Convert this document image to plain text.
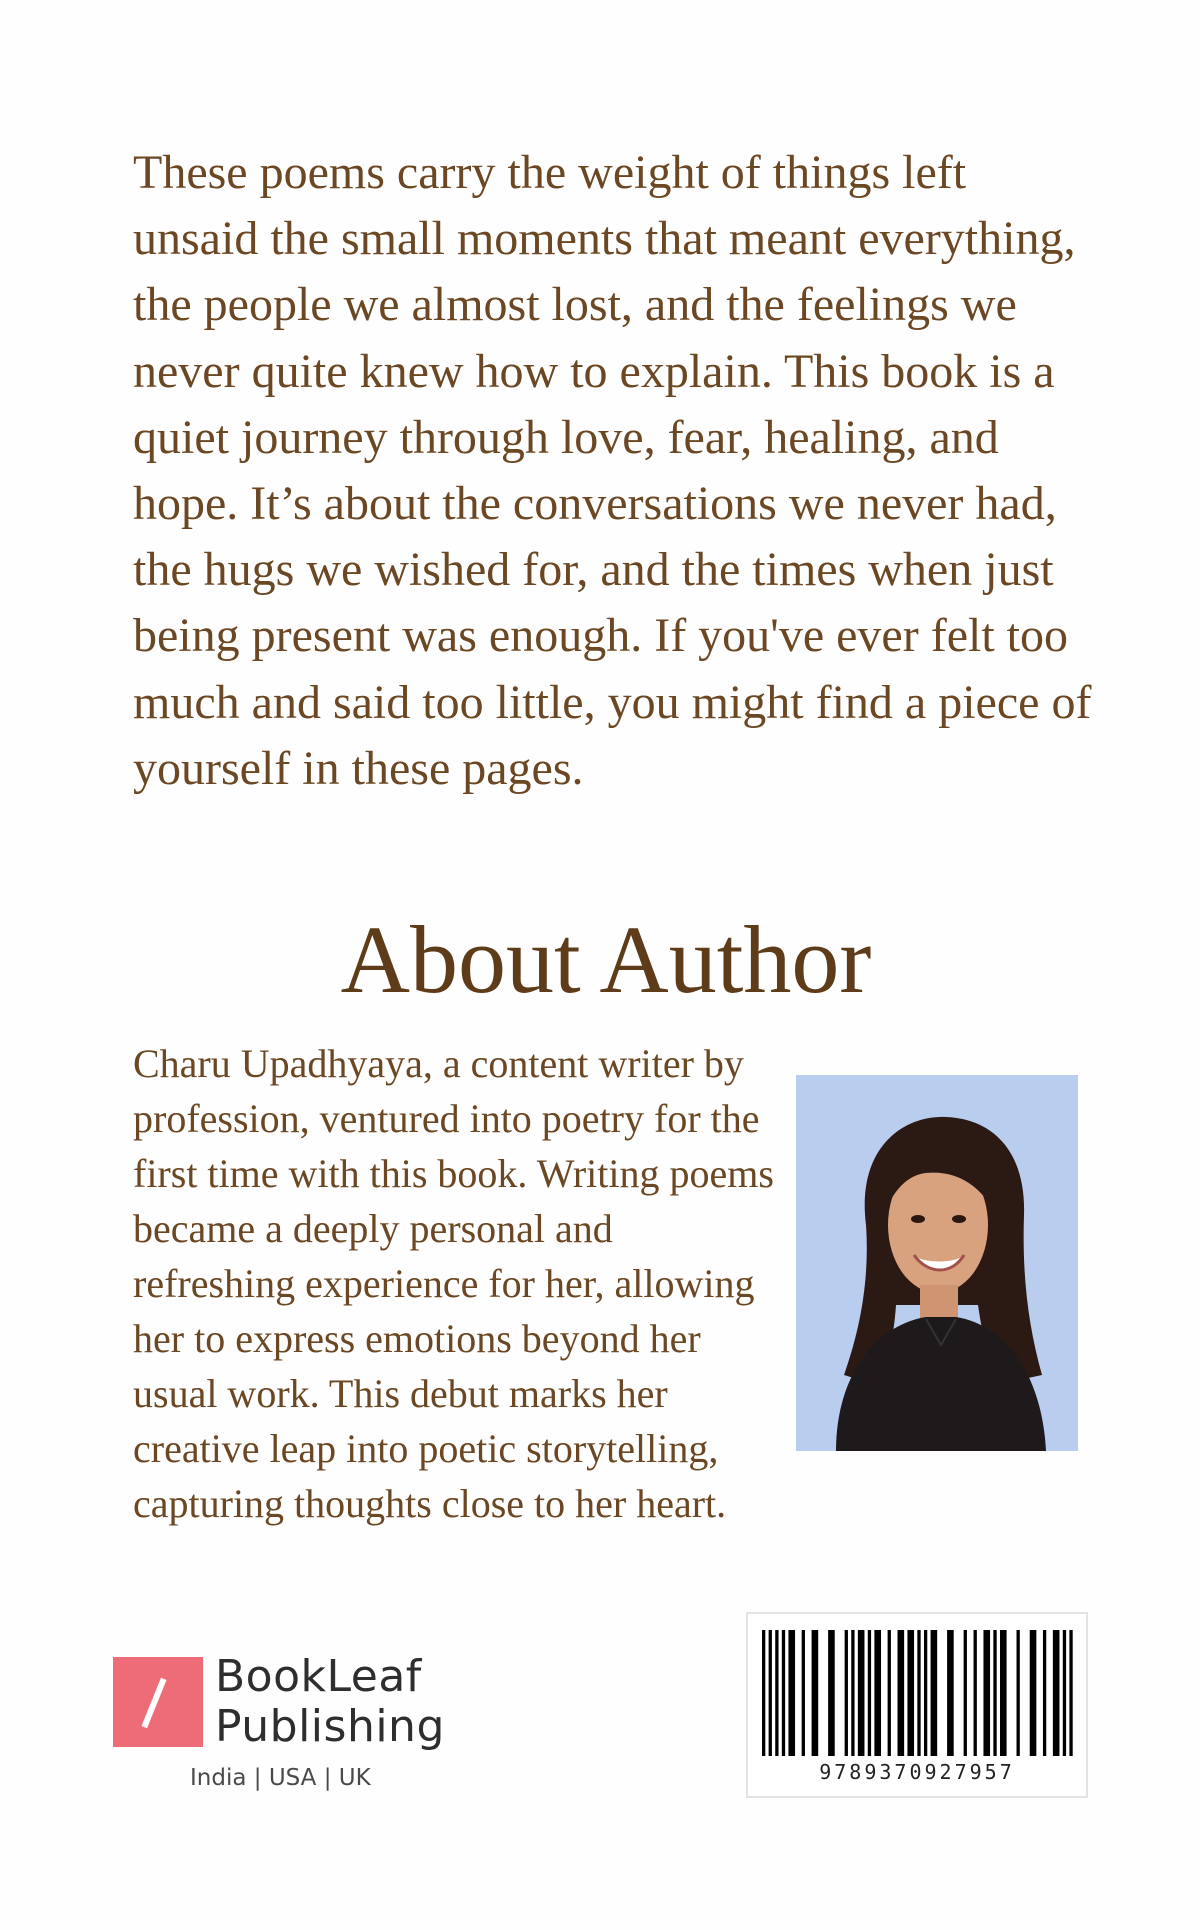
These poems carry the weight of things left unsaid the small moments that meant everything, the people we almost lost, and the feelings we never quite knew how to explain. This book is a quiet journey through love, fear, healing, and hope. It’s about the conversations we never had, the hugs we wished for, and the times when just being present was enough. If you've ever felt too much and said too little, you might find a piece of yourself in these pages.

About Author

Charu Upadhyaya, a content writer by profession, ventured into poetry for the first time with this book. Writing poems became a deeply personal and refreshing experience for her, allowing her to express emotions beyond her usual work. This debut marks her creative leap into poetic storytelling, capturing thoughts close to her heart.

BookLeaf
Publishing
India | USA | UK	9789370927957
